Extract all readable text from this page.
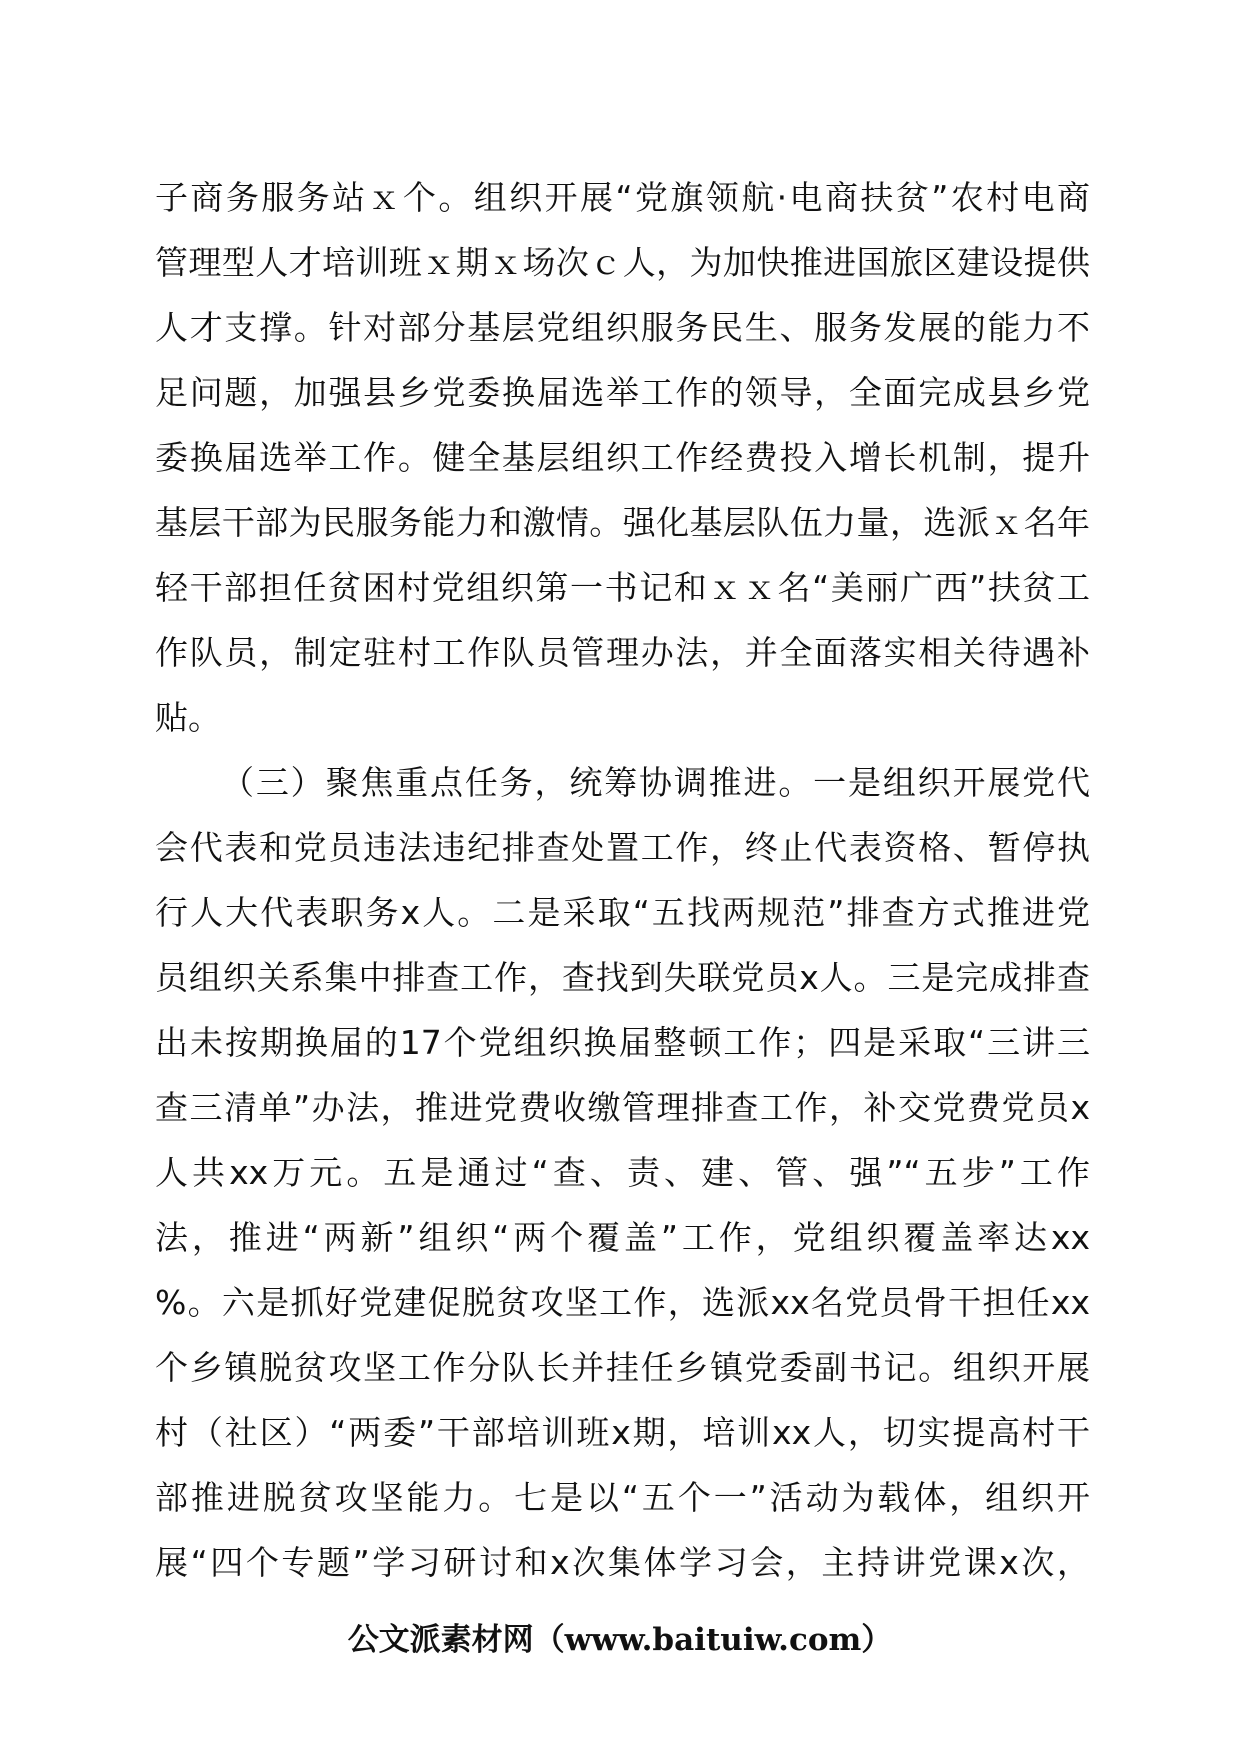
子商务服务站ｘ个。组织开展“党旗领航·电商扶贫”农村电商
管理型人才培训班ｘ期ｘ场次ｃ人，为加快推进国旅区建设提供
人才支撑。针对部分基层党组织服务民生、服务发展的能力不
足问题，加强县乡党委换届选举工作的领导，全面完成县乡党
委换届选举工作。健全基层组织工作经费投入增长机制，提升
基层干部为民服务能力和激情。强化基层队伍力量，选派ｘ名年
轻干部担任贫困村党组织第一书记和ｘｘ名“美丽广西”扶贫工
作队员，制定驻村工作队员管理办法，并全面落实相关待遇补
贴。
（三）聚焦重点任务，统筹协调推进。一是组织开展党代
会代表和党员违法违纪排查处置工作，终止代表资格、暂停执
行人大代表职务x人。二是采取“五找两规范”排查方式推进党
员组织关系集中排查工作，查找到失联党员x人。三是完成排查
出未按期换届的17个党组织换届整顿工作；四是采取“三讲三
查三清单”办法，推进党费收缴管理排查工作，补交党费党员x
人共xx万元。五是通过“查、责、建、管、强”“五步”工作
法，推进“两新”组织“两个覆盖”工作，党组织覆盖率达xx
%。六是抓好党建促脱贫攻坚工作，选派xx名党员骨干担任xx
个乡镇脱贫攻坚工作分队长并挂任乡镇党委副书记。组织开展
村（社区）“两委”干部培训班x期，培训xx人，切实提高村干
部推进脱贫攻坚能力。七是以“五个一”活动为载体，组织开
展“四个专题”学习研讨和x次集体学习会，主持讲党课x次，
公文派素材网（www.baituiw.com）
